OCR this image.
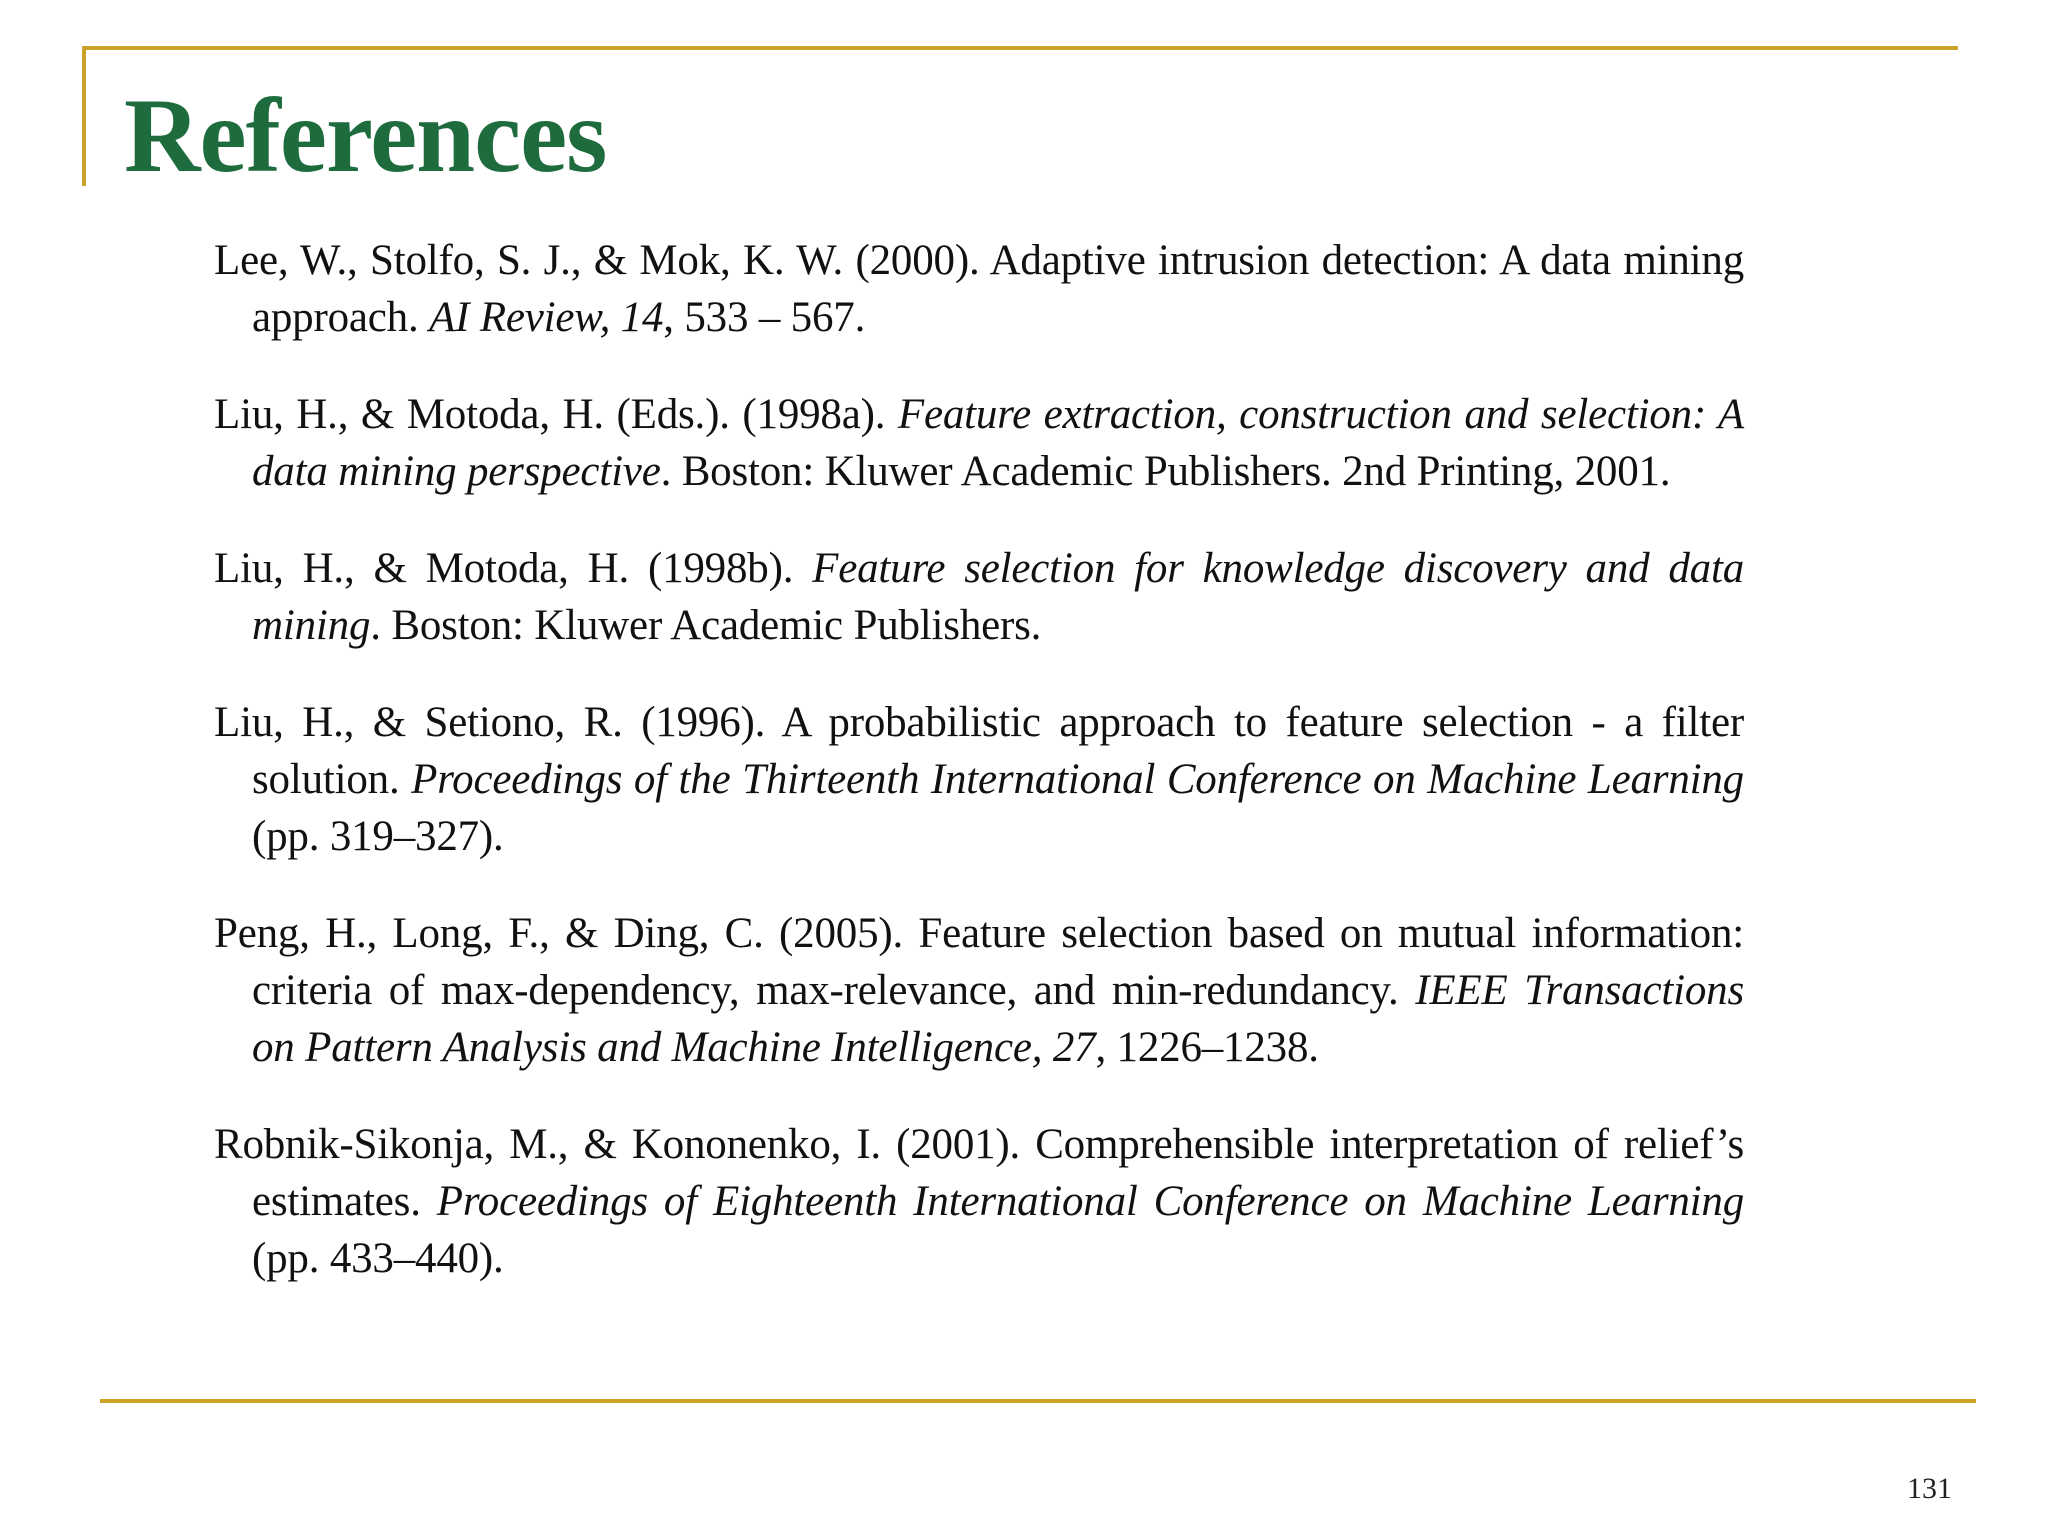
References
Lee, W., Stolfo, S. J., & Mok, K. W. (2000). Adaptive intrusion detection: A data mining approach. AI Review, 14, 533 – 567.
Liu, H., & Motoda, H. (Eds.). (1998a). Feature extraction, construction and selection: A data mining perspective. Boston: Kluwer Academic Publishers. 2nd Printing, 2001.
Liu, H., & Motoda, H. (1998b). Feature selection for knowledge discovery and data mining. Boston: Kluwer Academic Publishers.
Liu, H., & Setiono, R. (1996). A probabilistic approach to feature selection - a filter solution. Proceedings of the Thirteenth International Conference on Machine Learning (pp. 319–327).
Peng, H., Long, F., & Ding, C. (2005). Feature selection based on mutual information: criteria of max-dependency, max-relevance, and min-redundancy. IEEE Transactions on Pattern Analysis and Machine Intelligence, 27, 1226–1238.
Robnik-Sikonja, M., & Kononenko, I. (2001). Comprehensible interpretation of relief’s estimates. Proceedings of Eighteenth International Conference on Machine Learning (pp. 433–440).
131
